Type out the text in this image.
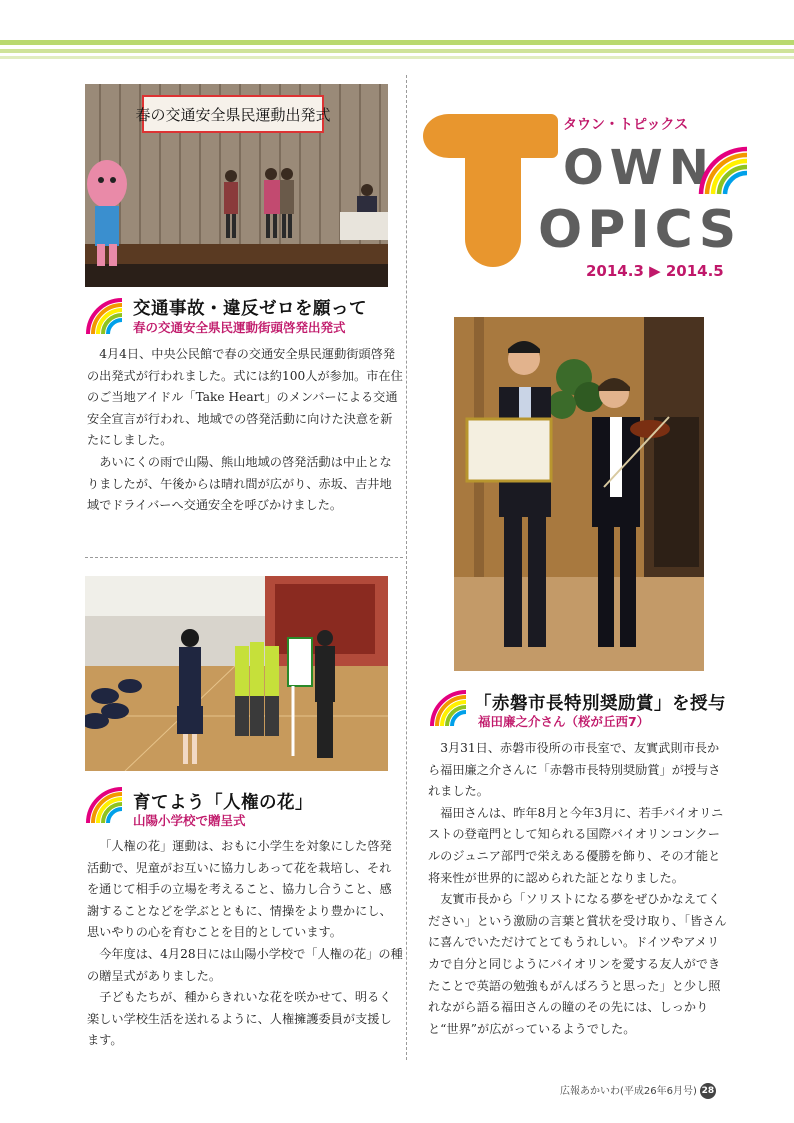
春の交通安全県民運動出発式
交通事故・違反ゼロを願って
春の交通安全県民運動街頭啓発出発式

4月4日、中央公民館で春の交通安全県民運動街頭啓発の出発式が行われました。式には約100人が参加。市在住のご当地アイドル「Take Heart」のメンバーによる交通安全宣言が行われ、地域での啓発活動に向けた決意を新たにしました。

あいにくの雨で山陽、熊山地域の啓発活動は中止となりましたが、午後からは晴れ間が広がり、赤坂、吉井地域でドライバーへ交通安全を呼びかけました。

育てよう「人権の花」
山陽小学校で贈呈式

「人権の花」運動は、おもに小学生を対象にした啓発活動で、児童がお互いに協力しあって花を栽培し、それを通じて相手の立場を考えること、協力し合うこと、感謝することなどを学ぶとともに、情操をより豊かにし、思いやりの心を育むことを目的としています。

今年度は、4月28日には山陽小学校で「人権の花」の種の贈呈式がありました。

子どもたちが、種からきれいな花を咲かせて、明るく楽しい学校生活を送れるように、人権擁護委員が支援します。

タウン・トピックス
OWN
OPICS
2014.3 ▶ 2014.5
「赤磐市長特別奨励賞」を授与
福田廉之介さん（桜が丘西7）

3月31日、赤磐市役所の市長室で、友實武則市長から福田廉之介さんに「赤磐市長特別奨励賞」が授与されました。

福田さんは、昨年8月と今年3月に、若手バイオリニストの登竜門として知られる国際バイオリンコンクールのジュニア部門で栄えある優勝を飾り、その才能と将来性が世界的に認められた証となりました。

友實市長から「ソリストになる夢をぜひかなえてください」という激励の言葉と賞状を受け取り、「皆さんに喜んでいただけてとてもうれしい。ドイツやアメリカで自分と同じようにバイオリンを愛する友人ができたことで英語の勉強もがんばろうと思った」と少し照れながら語る福田さんの瞳のその先には、しっかりと“世界”が広がっているようでした。

広報あかいわ(平成26年6月号) 28
